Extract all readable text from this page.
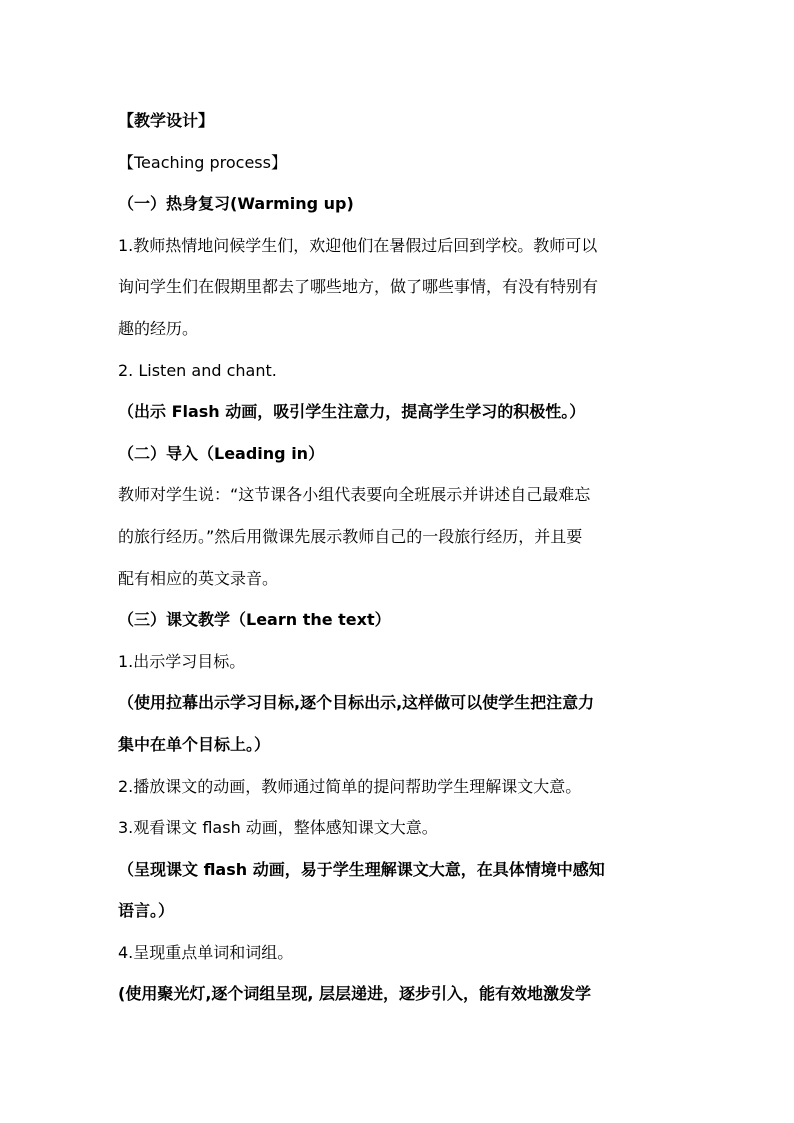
【教学设计】
【Teaching process】
（一）热身复习(Warming up)
1.教师热情地问候学生们，欢迎他们在暑假过后回到学校。教师可以
询问学生们在假期里都去了哪些地方，做了哪些事情，有没有特别有
趣的经历。
2. Listen and chant.
（出示 Flash 动画，吸引学生注意力，提高学生学习的积极性。）
（二）导入（Leading in）
教师对学生说：“这节课各小组代表要向全班展示并讲述自己最难忘
的旅行经历。”然后用微课先展示教师自己的一段旅行经历，并且要
配有相应的英文录音。
（三）课文教学（Learn the text）
1.出示学习目标。
（使用拉幕出示学习目标,逐个目标出示,这样做可以使学生把注意力
集中在单个目标上。）
2.播放课文的动画，教师通过简单的提问帮助学生理解课文大意。
3.观看课文 flash 动画，整体感知课文大意。
（呈现课文 flash 动画，易于学生理解课文大意，在具体情境中感知
语言。）
4.呈现重点单词和词组。
(使用聚光灯,逐个词组呈现, 层层递进，逐步引入，能有效地激发学
